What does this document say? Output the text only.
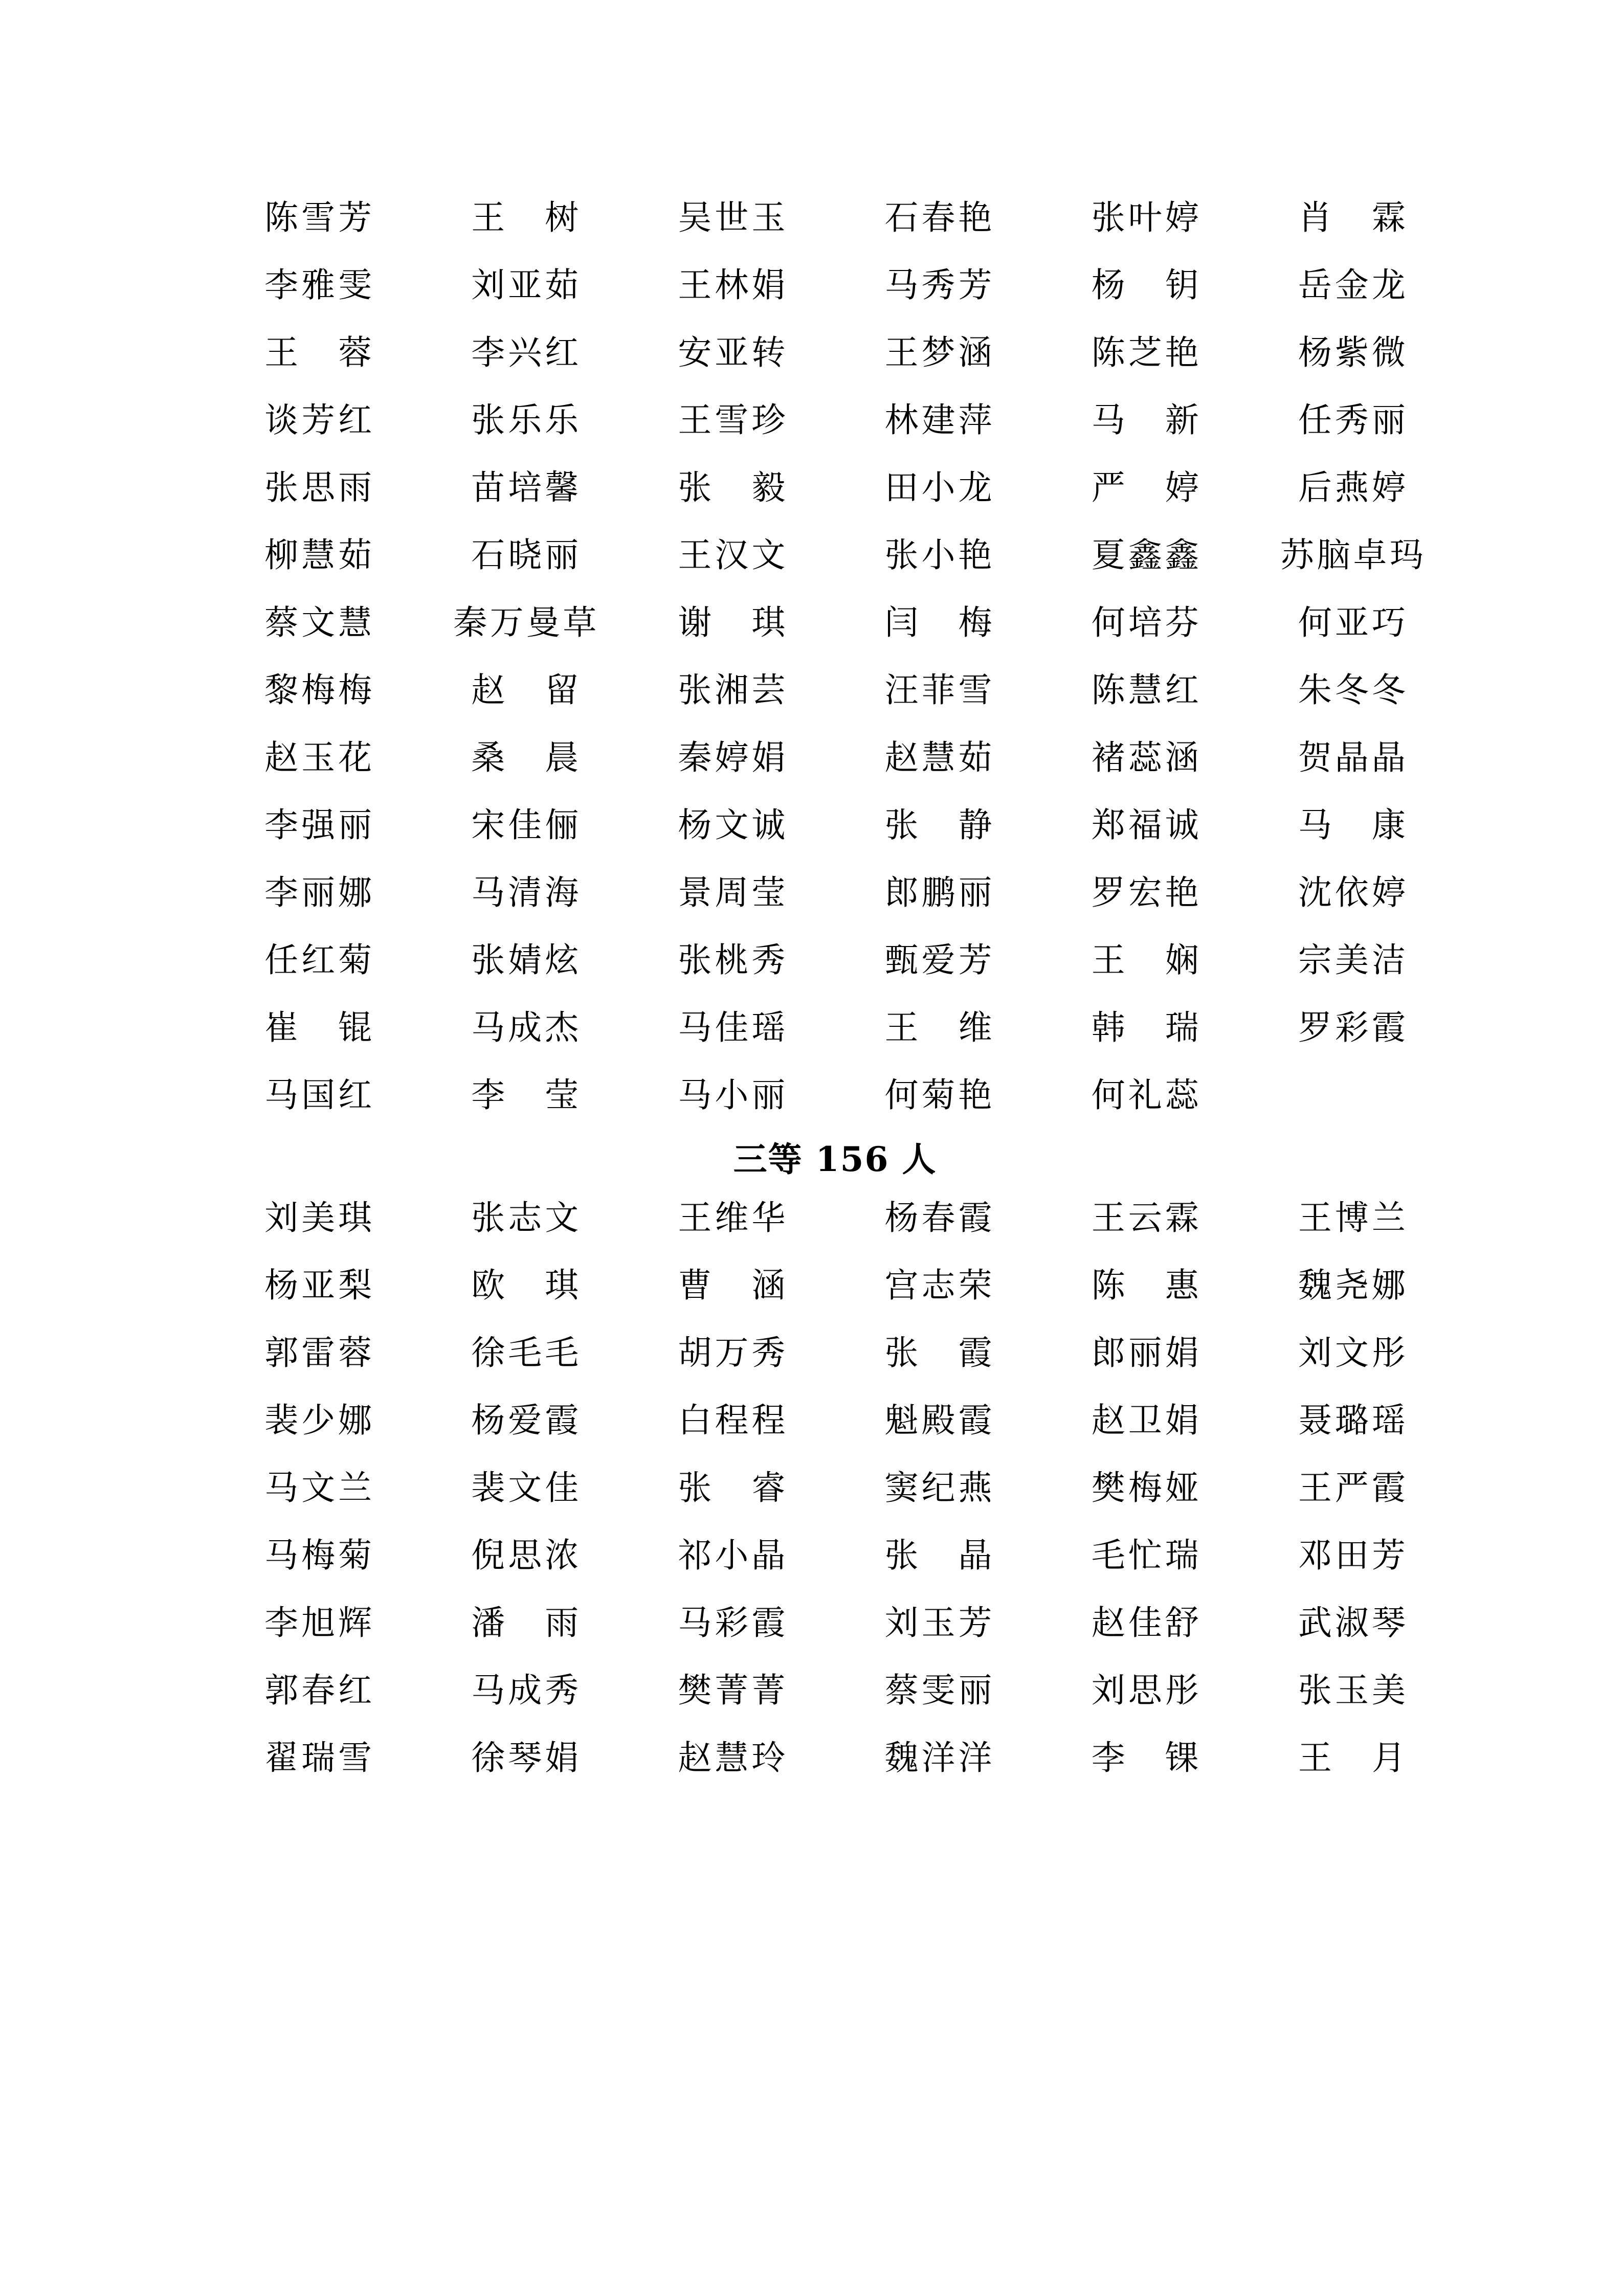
陈雪芳	王 树	吴世玉	石春艳	张叶婷	肖 霖
李雅雯	刘亚茹	王林娟	马秀芳	杨 钥	岳金龙
王 蓉	李兴红	安亚转	王梦涵	陈芝艳	杨紫微
谈芳红	张乐乐	王雪珍	林建萍	马 新	任秀丽
张思雨	苗培馨	张 毅	田小龙	严 婷	后燕婷
柳慧茹	石晓丽	王汉文	张小艳	夏鑫鑫	苏脑卓玛
蔡文慧	秦万曼草	谢 琪	闫 梅	何培芬	何亚巧
黎梅梅	赵 留	张湘芸	汪菲雪	陈慧红	朱冬冬
赵玉花	桑 晨	秦婷娟	赵慧茹	褚蕊涵	贺晶晶
李强丽	宋佳俪	杨文诚	张 静	郑福诚	马 康
李丽娜	马清海	景周莹	郎鹏丽	罗宏艳	沈依婷
任红菊	张婧炫	张桃秀	甄爱芳	王 娴	宗美洁
崔 锟	马成杰	马佳瑶	王 维	韩 瑞	罗彩霞
马国红	李 莹	马小丽	何菊艳	何礼蕊	
三等 156 人
刘美琪	张志文	王维华	杨春霞	王云霖	王博兰
杨亚梨	欧 琪	曹 涵	宫志荣	陈 惠	魏尧娜
郭雷蓉	徐毛毛	胡万秀	张 霞	郎丽娟	刘文彤
裴少娜	杨爱霞	白程程	魁殿霞	赵卫娟	聂璐瑶
马文兰	裴文佳	张 睿	窦纪燕	樊梅娅	王严霞
马梅菊	倪思浓	祁小晶	张 晶	毛忙瑞	邓田芳
李旭辉	潘 雨	马彩霞	刘玉芳	赵佳舒	武淑琴
郭春红	马成秀	樊菁菁	蔡雯丽	刘思彤	张玉美
翟瑞雪	徐琴娟	赵慧玲	魏洋洋	李 锞	王 月
